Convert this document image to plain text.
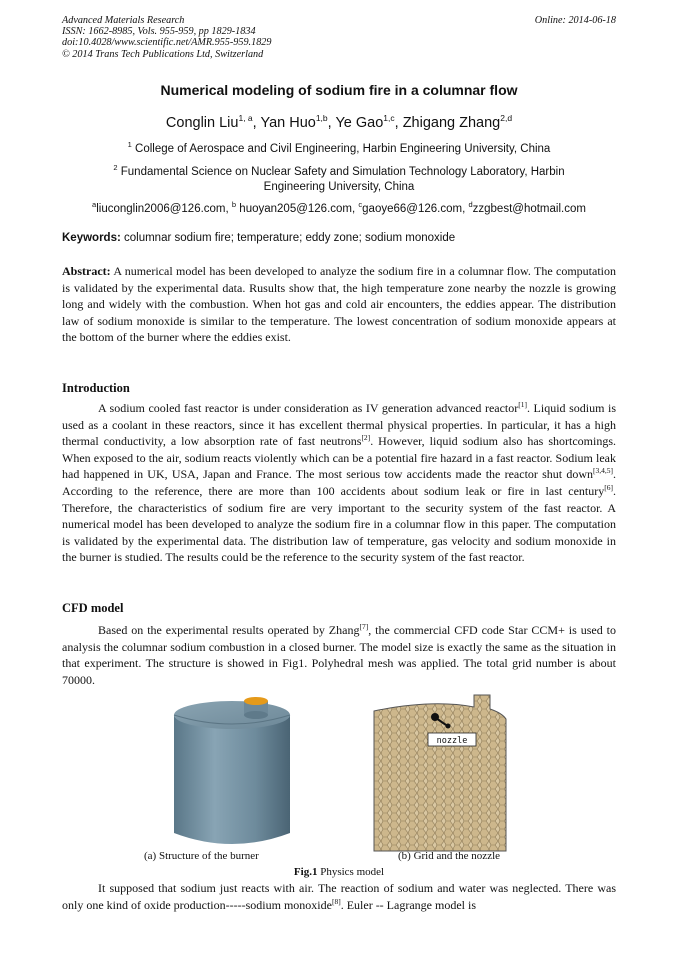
Advanced Materials Research
ISSN: 1662-8985, Vols. 955-959, pp 1829-1834
doi:10.4028/www.scientific.net/AMR.955-959.1829
© 2014 Trans Tech Publications Ltd, Switzerland
Online: 2014-06-18
Numerical modeling of sodium fire in a columnar flow
Conglin Liu$^{1, a}$, Yan Huo$^{1,b}$, Ye Gao$^{1,c}$, Zhigang Zhang$^{2,d}$
$^1$ College of Aerospace and Civil Engineering, Harbin Engineering University, China
$^2$ Fundamental Science on Nuclear Safety and Simulation Technology Laboratory, Harbin
Engineering University, China
$^a$liuconglin2006@126.com, $^b$ huoyan205@126.com, $^c$gaoye66@126.com, $^d$zzgbest@hotmail.com
Keywords: columnar sodium fire; temperature; eddy zone; sodium monoxide
Abstract: A numerical model has been developed to analyze the sodium fire in a columnar flow. The computation is validated by the experimental data. Rusults show that, the high temperature zone nearby the nozzle is growing long and widely with the combustion. When hot gas and cold air encounters, the eddies appear. The distribution law of sodium monoxide is similar to the temperature. The lowest concentration of sodium monoxide appears at the bottom of the burner where the eddies exist.
Introduction
A sodium cooled fast reactor is under consideration as IV generation advanced reactor[1]. Liquid sodium is used as a coolant in these reactors, since it has excellent thermal physical properties. In particular, it has a high thermal conductivity, a low absorption rate of fast neutrons[2]. However, liquid sodium also has shortcomings. When exposed to the air, sodium reacts violently which can be a potential fire hazard in a fast reactor. Sodium leak had happened in UK, USA, Japan and France. The most serious tow accidents made the reactor shut down[3,4,5]. According to the reference, there are more than 100 accidents about sodium leak or fire in last century[6]. Therefore, the characteristics of sodium fire are very important to the security system of the fast reactor. A numerical model has been developed to analyze the sodium fire in a columnar flow in this paper. The computation is validated by the experimental data. The distribution law of temperature, gas velocity and sodium monoxide in the burner is studied. The results could be the reference to the security system of the fast reactor.
CFD model
Based on the experimental results operated by Zhang[7], the commercial CFD code Star CCM+ is used to analysis the columnar sodium combustion in a closed burner. The model size is exactly the same as the situation in that experiment. The structure is showed in Fig1. Polyhedral mesh was applied. The total grid number is about 70000.
nozzle
(a) Structure of the burner	(b) Grid and the nozzle
Fig.1 Physics model
It supposed that sodium just reacts with air. The reaction of sodium and water was neglected. There was only one kind of oxide production-----sodium monoxide[8]. Euler -- Lagrange model is
